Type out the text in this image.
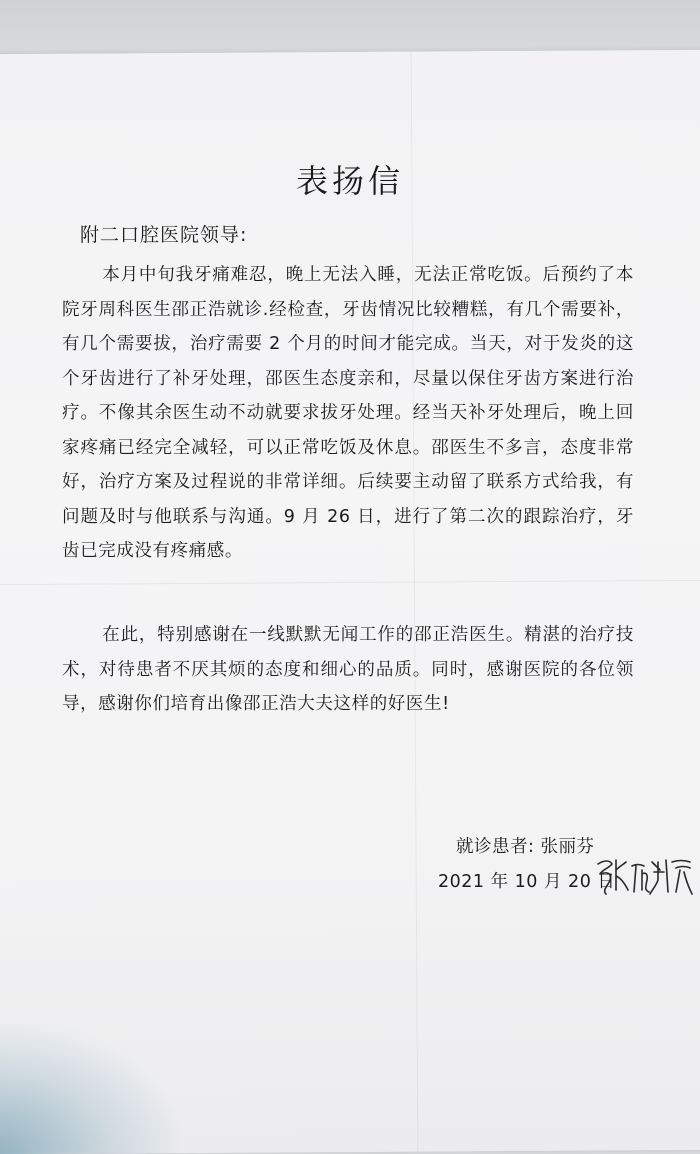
表扬信
附二口腔医院领导:
本月中旬我牙痛难忍，晚上无法入睡，无法正常吃饭。后预约了本院牙周科医生邵正浩就诊.经检查，牙齿情况比较糟糕，有几个需要补，有几个需要拔，治疗需要 2 个月的时间才能完成。当天，对于发炎的这个牙齿进行了补牙处理，邵医生态度亲和，尽量以保住牙齿方案进行治疗。不像其余医生动不动就要求拔牙处理。经当天补牙处理后，晚上回家疼痛已经完全减轻，可以正常吃饭及休息。邵医生不多言，态度非常好，治疗方案及过程说的非常详细。后续要主动留了联系方式给我，有问题及时与他联系与沟通。9 月 26 日，进行了第二次的跟踪治疗，牙齿已完成没有疼痛感。
在此，特别感谢在一线默默无闻工作的邵正浩医生。精湛的治疗技术，对待患者不厌其烦的态度和细心的品质。同时，感谢医院的各位领导，感谢你们培育出像邵正浩大夫这样的好医生!
就诊患者: 张丽芬
2021 年 10 月 20 日
